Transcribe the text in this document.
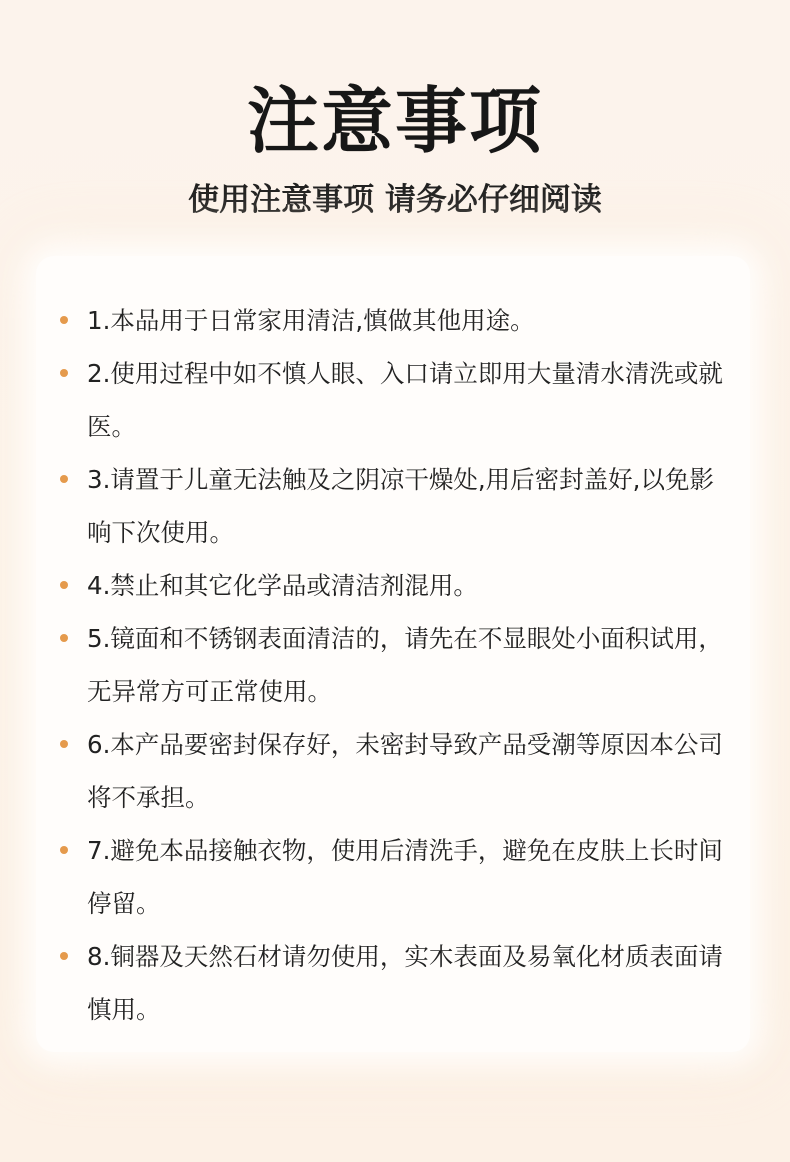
注意事项
使用注意事项 请务必仔细阅读
1.本品用于日常家用清洁,慎做其他用途。
2.使用过程中如不慎人眼、入口请立即用大量清水清洗或就医。
3.请置于儿童无法触及之阴凉干燥处,用后密封盖好,以免影响下次使用。
4.禁止和其它化学品或清洁剂混用。
5.镜面和不锈钢表面清洁的，请先在不显眼处小面积试用，无异常方可正常使用。
6.本产品要密封保存好，未密封导致产品受潮等原因本公司将不承担。
7.避免本品接触衣物，使用后清洗手，避免在皮肤上长时间停留。
8.铜器及天然石材请勿使用，实木表面及易氧化材质表面请慎用。
